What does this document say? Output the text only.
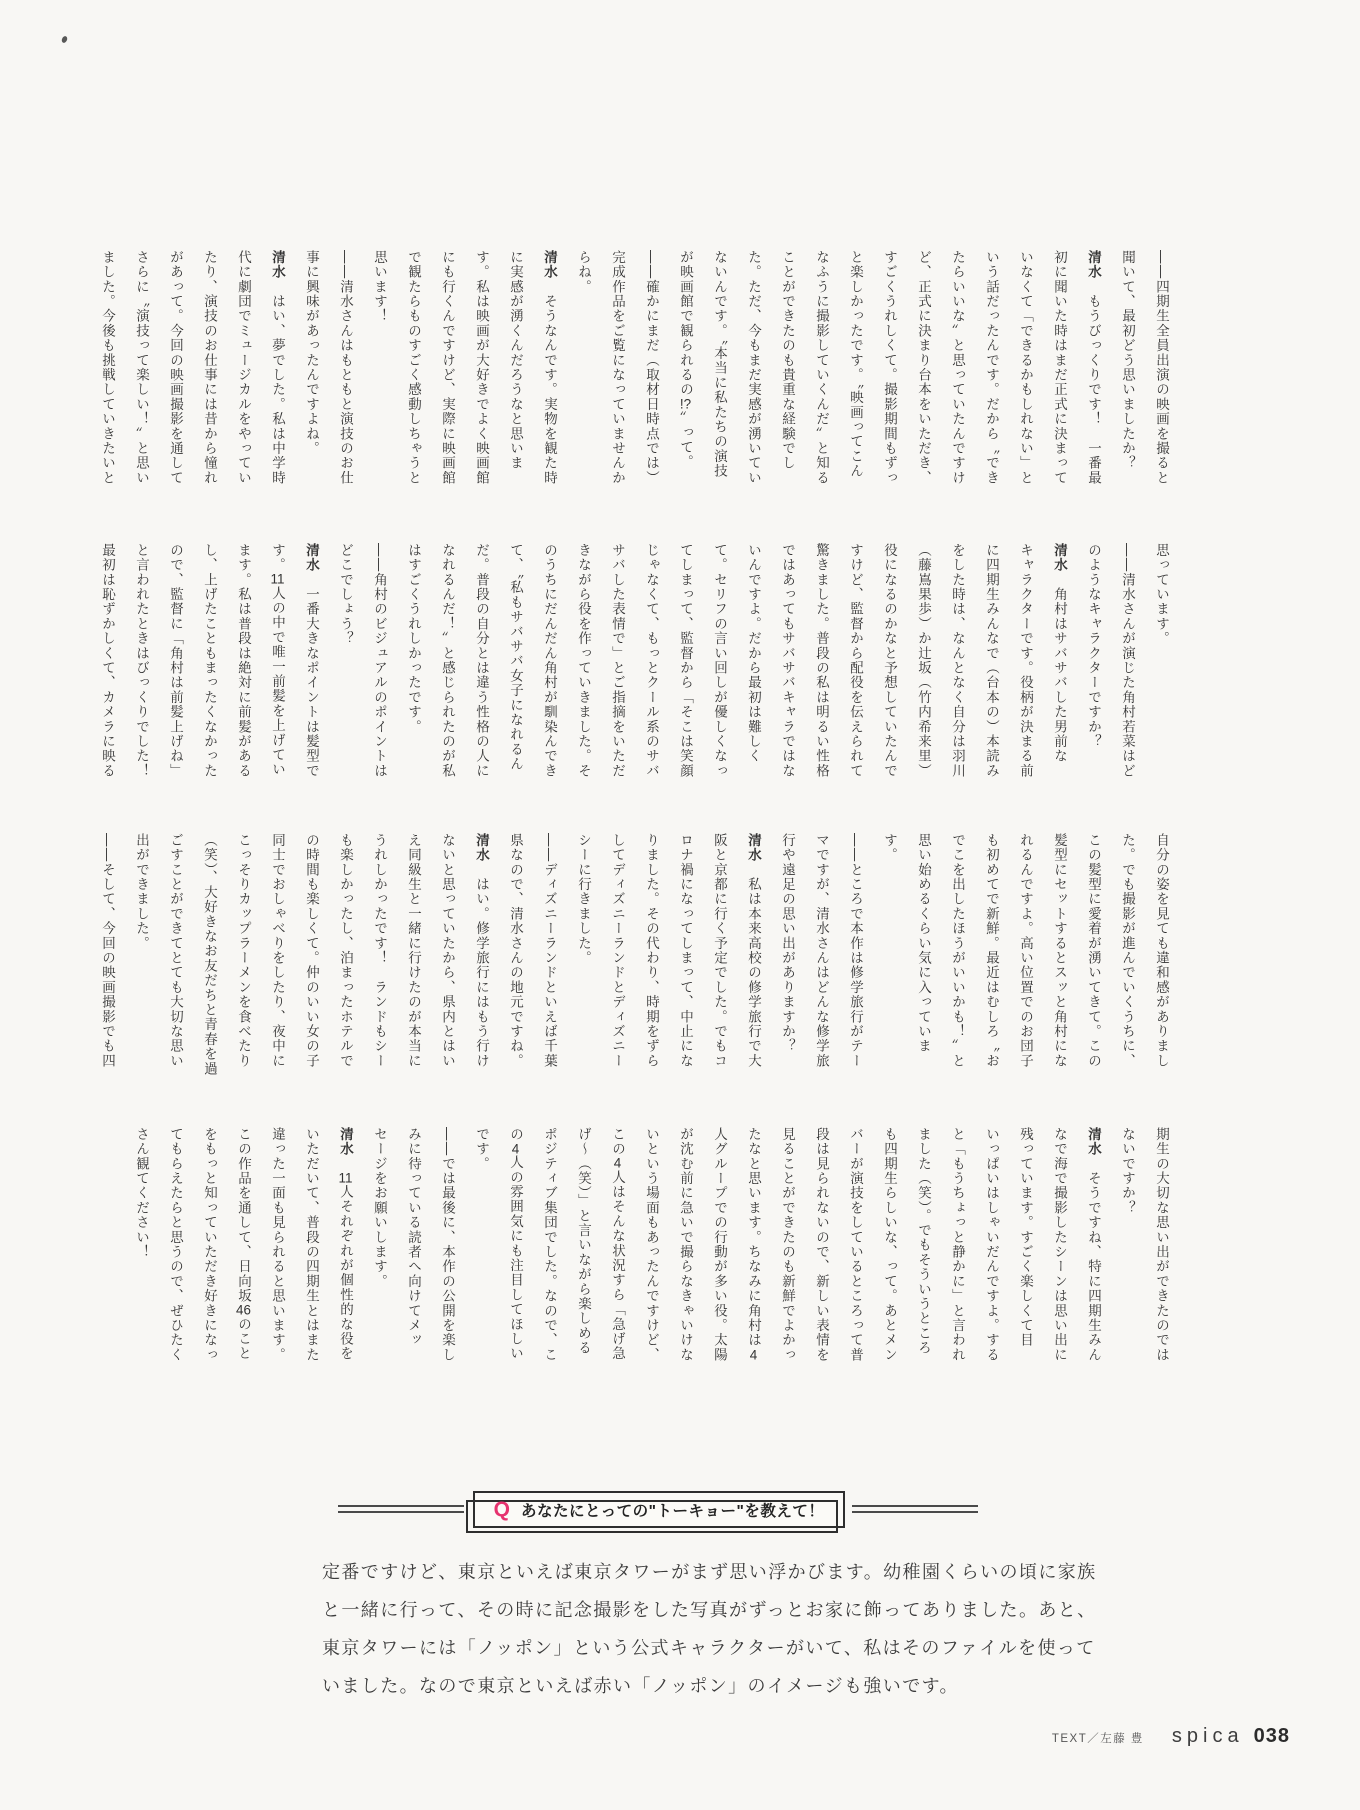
——四期生全員出演の映画を撮ると
聞いて、最初どう思いましたか？
清水　もうびっくりです！　一番最
初に聞いた時はまだ正式に決まって
いなくて「できるかもしれない」と
いう話だったんです。だから〝でき
たらいいな〟と思っていたんですけ
ど、正式に決まり台本をいただき、
すごくうれしくて。撮影期間もずっ
と楽しかったです。〝映画ってこん
なふうに撮影していくんだ〟と知る
ことができたのも貴重な経験でし
た。ただ、今もまだ実感が湧いてい
ないんです。〝本当に私たちの演技
が映画館で観られるの!?〟って。
——確かにまだ（取材日時点では）
完成作品をご覧になっていませんか
らね。
清水　そうなんです。実物を観た時
に実感が湧くんだろうなと思いま
す。私は映画が大好きでよく映画館
にも行くんですけど、実際に映画館
で観たらものすごく感動しちゃうと
思います！
——清水さんはもともと演技のお仕
事に興味があったんですよね。
清水　はい、夢でした。私は中学時
代に劇団でミュージカルをやってい
たり、演技のお仕事には昔から憧れ
があって。今回の映画撮影を通して
さらに〝演技って楽しい！〟と思い
ました。今後も挑戦していきたいと
思っています。
——清水さんが演じた角村若菜はど
のようなキャラクターですか？
清水　角村はサバサバした男前な
キャラクターです。役柄が決まる前
に四期生みんなで（台本の）本読み
をした時は、なんとなく自分は羽川
（藤嶌果歩）か辻坂（竹内希来里）
役になるのかなと予想していたんで
すけど、監督から配役を伝えられて
驚きました。普段の私は明るい性格
ではあってもサバサバキャラではな
いんですよ。だから最初は難しく
て。セリフの言い回しが優しくなっ
てしまって、監督から「そこは笑顔
じゃなくて、もっとクール系のサバ
サバした表情で」とご指摘をいただ
きながら役を作っていきました。そ
のうちにだんだん角村が馴染んでき
て、〝私もサバサバ女子になれるん
だ。普段の自分とは違う性格の人に
なれるんだ！〟と感じられたのが私
はすごくうれしかったです。
——角村のビジュアルのポイントは
どこでしょう？
清水　一番大きなポイントは髪型で
す。11人の中で唯一前髪を上げてい
ます。私は普段は絶対に前髪がある
し、上げたこともまったくなかった
ので、監督に「角村は前髪上げね」
と言われたときはびっくりでした！
最初は恥ずかしくて、カメラに映る
自分の姿を見ても違和感がありまし
た。でも撮影が進んでいくうちに、
この髪型に愛着が湧いてきて。この
髪型にセットするとスッと角村にな
れるんですよ。高い位置でのお団子
も初めてで新鮮。最近はむしろ〝お
でこを出したほうがいいかも！〟と
思い始めるくらい気に入っていま
す。
——ところで本作は修学旅行がテー
マですが、清水さんはどんな修学旅
行や遠足の思い出がありますか？
清水　私は本来高校の修学旅行で大
阪と京都に行く予定でした。でもコ
ロナ禍になってしまって、中止にな
りました。その代わり、時期をずら
してディズニーランドとディズニー
シーに行きました。
——ディズニーランドといえば千葉
県なので、清水さんの地元ですね。
清水　はい。修学旅行にはもう行け
ないと思っていたから、県内とはい
え同級生と一緒に行けたのが本当に
うれしかったです！　ランドもシー
も楽しかったし、泊まったホテルで
の時間も楽しくて。仲のいい女の子
同士でおしゃべりをしたり、夜中に
こっそりカップラーメンを食べたり
（笑）、大好きなお友だちと青春を過
ごすことができてとても大切な思い
出ができました。
——そして、今回の映画撮影でも四
期生の大切な思い出ができたのでは
ないですか？
清水　そうですね、特に四期生みん
なで海で撮影したシーンは思い出に
残っています。すごく楽しくて目
いっぱいはしゃいだんですよ。する
と「もうちょっと静かに」と言われ
ました（笑）。でもそういうところ
も四期生らしいな、って。あとメン
バーが演技をしているところって普
段は見られないので、新しい表情を
見ることができたのも新鮮でよかっ
たなと思います。ちなみに角村は4
人グループでの行動が多い役。太陽
が沈む前に急いで撮らなきゃいけな
いという場面もあったんですけど、
この4人はそんな状況すら「急げ急
げ〜（笑）」と言いながら楽しめる
ポジティブ集団でした。なので、こ
の4人の雰囲気にも注目してほしい
です。
——では最後に、本作の公開を楽し
みに待っている読者へ向けてメッ
セージをお願いします。
清水　11人それぞれが個性的な役を
いただいて、普段の四期生とはまた
違った一面も見られると思います。
この作品を通して、日向坂46のこと
をもっと知っていただき好きになっ
てもらえたらと思うので、ぜひたく
さん観てください！
Q あなたにとっての"トーキョー"を教えて！
定番ですけど、東京といえば東京タワーがまず思い浮かびます。幼稚園くらいの頃に家族
と一緒に行って、その時に記念撮影をした写真がずっとお家に飾ってありました。あと、
東京タワーには「ノッポン」という公式キャラクターがいて、私はそのファイルを使って
いました。なので東京といえば赤い「ノッポン」のイメージも強いです。
TEXT／左藤 豊 spica 038
